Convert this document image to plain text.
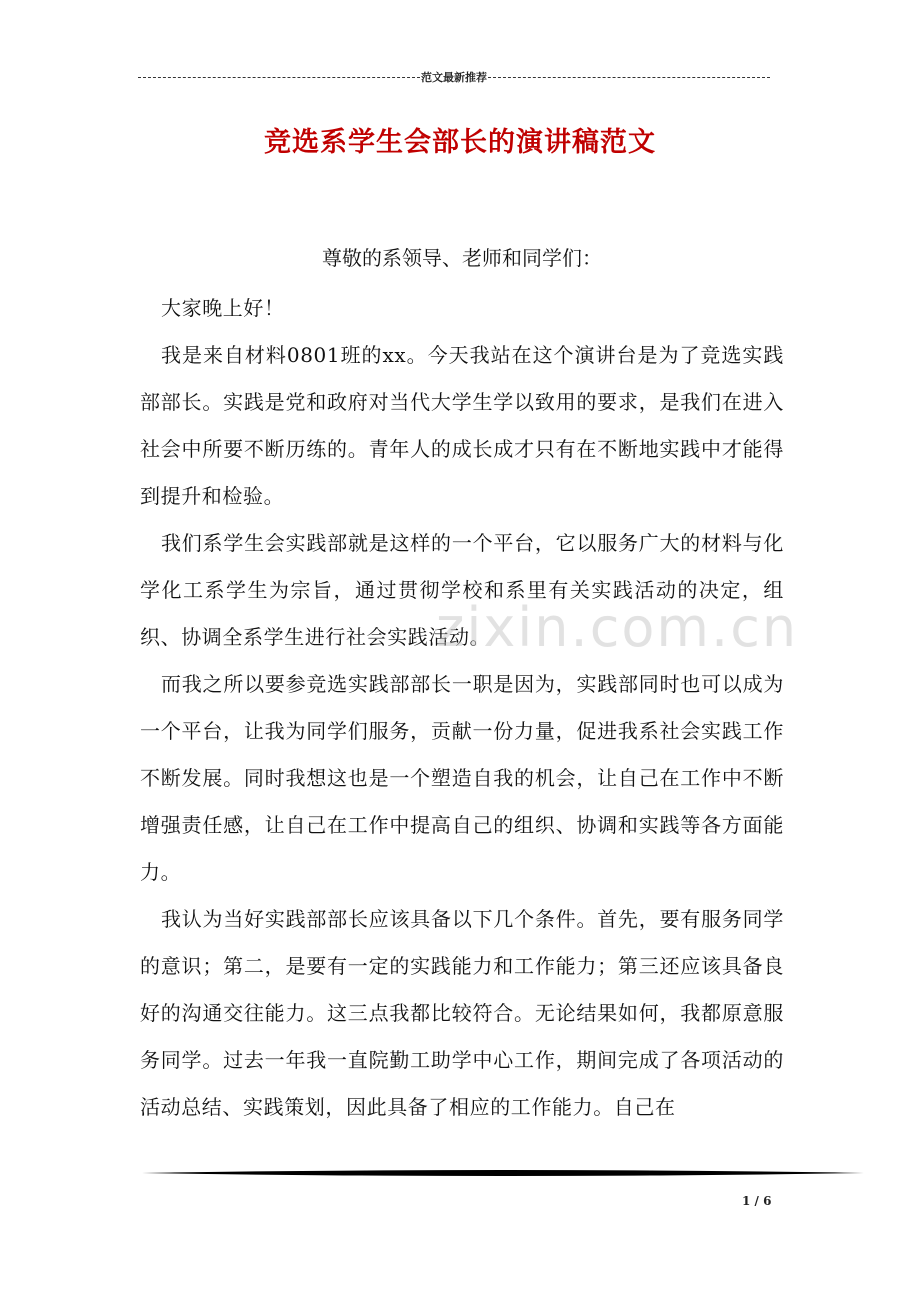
范文最新推荐
竞选系学生会部长的演讲稿范文

尊敬的系领导、老师和同学们：

大家晚上好！

我是来自材料0801班的xx。今天我站在这个演讲台是为了竞选实践部部长。实践是党和政府对当代大学生学以致用的要求，是我们在进入社会中所要不断历练的。青年人的成长成才只有在不断地实践中才能得到提升和检验。

我们系学生会实践部就是这样的一个平台，它以服务广大的材料与化学化工系学生为宗旨，通过贯彻学校和系里有关实践活动的决定，组织、协调全系学生进行社会实践活动。

而我之所以要参竞选实践部部长一职是因为，实践部同时也可以成为一个平台，让我为同学们服务，贡献一份力量，促进我系社会实践工作不断发展。同时我想这也是一个塑造自我的机会，让自己在工作中不断增强责任感，让自己在工作中提高自己的组织、协调和实践等各方面能力。

我认为当好实践部部长应该具备以下几个条件。首先，要有服务同学的意识；第二，是要有一定的实践能力和工作能力；第三还应该具备良好的沟通交往能力。这三点我都比较符合。无论结果如何，我都原意服务同学。过去一年我一直院勤工助学中心工作，期间完成了各项活动的活动总结、实践策划，因此具备了相应的工作能力。自己在

zixin.com.cn
1 / 6
